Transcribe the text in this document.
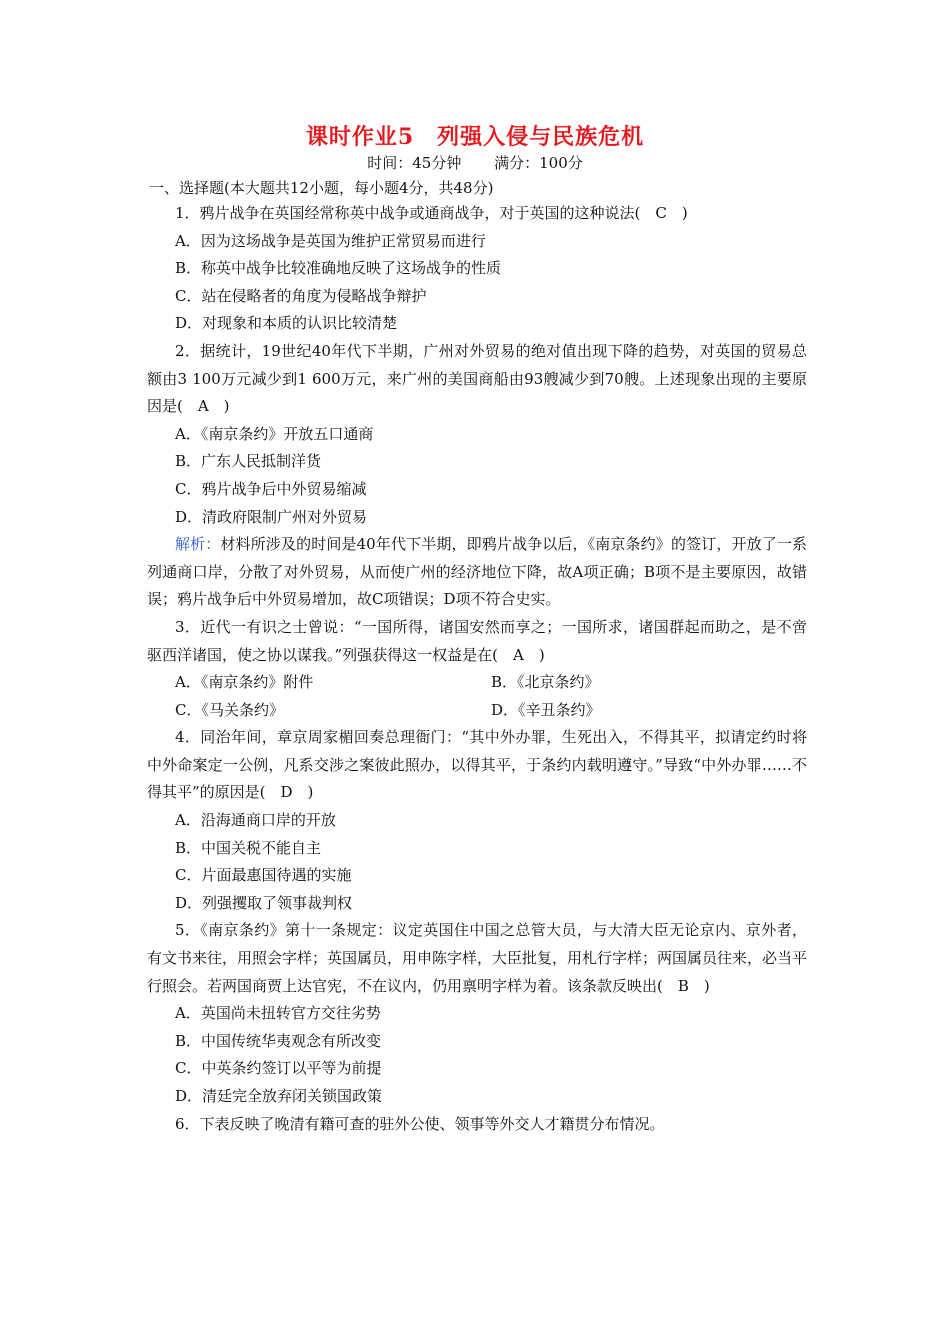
课时作业5　列强入侵与民族危机
时间：45分钟 满分：100分
一、选择题(本大题共12小题，每小题4分，共48分)

1．鸦片战争在英国经常称英中战争或通商战争，对于英国的这种说法(　C　)

A．因为这场战争是英国为维护正常贸易而进行

B．称英中战争比较准确地反映了这场战争的性质

C．站在侵略者的角度为侵略战争辩护

D．对现象和本质的认识比较清楚

2．据统计，19世纪40年代下半期，广州对外贸易的绝对值出现下降的趋势，对英国的贸易总额由3 100万元减少到1 600万元，来广州的美国商船由93艘减少到70艘。上述现象出现的主要原因是(　A　)

A．《南京条约》开放五口通商

B．广东人民抵制洋货

C．鸦片战争后中外贸易缩减

D．清政府限制广州对外贸易

解析：材料所涉及的时间是40年代下半期，即鸦片战争以后，《南京条约》的签订，开放了一系列通商口岸，分散了对外贸易，从而使广州的经济地位下降，故A项正确；B项不是主要原因，故错误；鸦片战争后中外贸易增加，故C项错误；D项不符合史实。

3．近代一有识之士曾说：“一国所得，诸国安然而享之；一国所求，诸国群起而助之，是不啻驱西洋诸国，使之协以谋我。”列强获得这一权益是在(　A　)

A．《南京条约》附件	B．《北京条约》
C．《马关条约》	D．《辛丑条约》

4．同治年间，章京周家楣回奏总理衙门：“其中外办罪，生死出入，不得其平，拟请定约时将中外命案定一公例，凡系交涉之案彼此照办，以得其平，于条约内载明遵守。”导致“中外办罪……不得其平”的原因是(　D　)

A．沿海通商口岸的开放

B．中国关税不能自主

C．片面最惠国待遇的实施

D．列强攫取了领事裁判权

5．《南京条约》第十一条规定：议定英国住中国之总管大员，与大清大臣无论京内、京外者，有文书来往，用照会字样；英国属员，用申陈字样，大臣批复，用札行字样；两国属员往来，必当平行照会。若两国商贾上达官宪，不在议内，仍用禀明字样为着。该条款反映出(　B　)

A．英国尚未扭转官方交往劣势

B．中国传统华夷观念有所改变

C．中英条约签订以平等为前提

D．清廷完全放弃闭关锁国政策

6．下表反映了晚清有籍可查的驻外公使、领事等外交人才籍贯分布情况。
